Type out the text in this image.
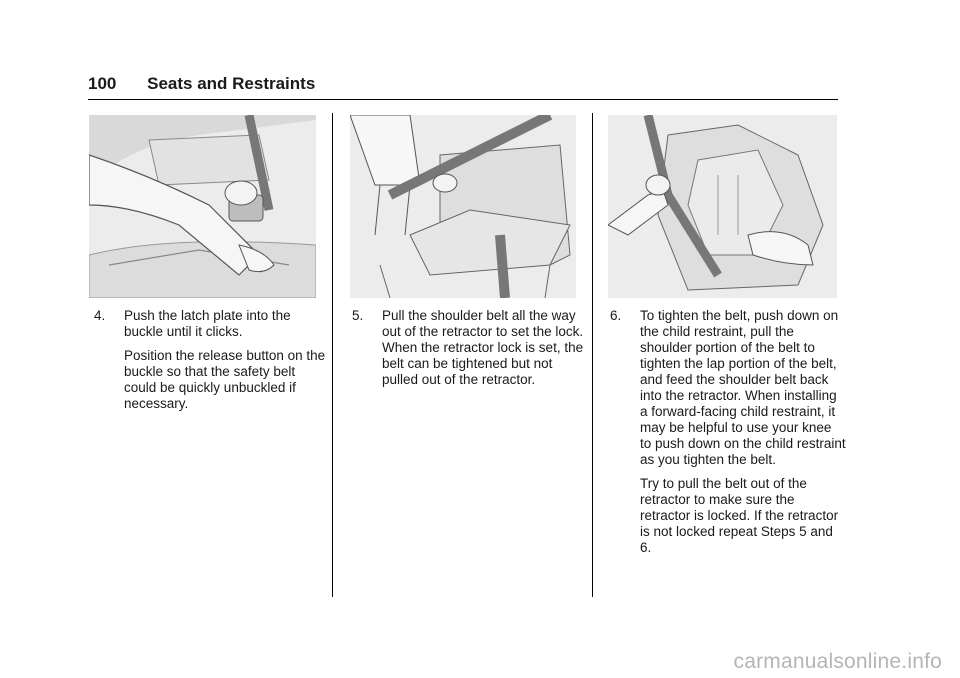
100 Seats and Restraints

4. Push the latch plate into the buckle until it clicks.

Position the release button on the buckle so that the safety belt could be quickly unbuckled if necessary.

5. Pull the shoulder belt all the way out of the retractor to set the lock. When the retractor lock is set, the belt can be tightened but not pulled out of the retractor.

6. To tighten the belt, push down on the child restraint, pull the shoulder portion of the belt to tighten the lap portion of the belt, and feed the shoulder belt back into the retractor. When installing a forward-facing child restraint, it may be helpful to use your knee to push down on the child restraint as you tighten the belt.

Try to pull the belt out of the retractor to make sure the retractor is locked. If the retractor is not locked repeat Steps 5 and 6.

carmanualsonline.info
